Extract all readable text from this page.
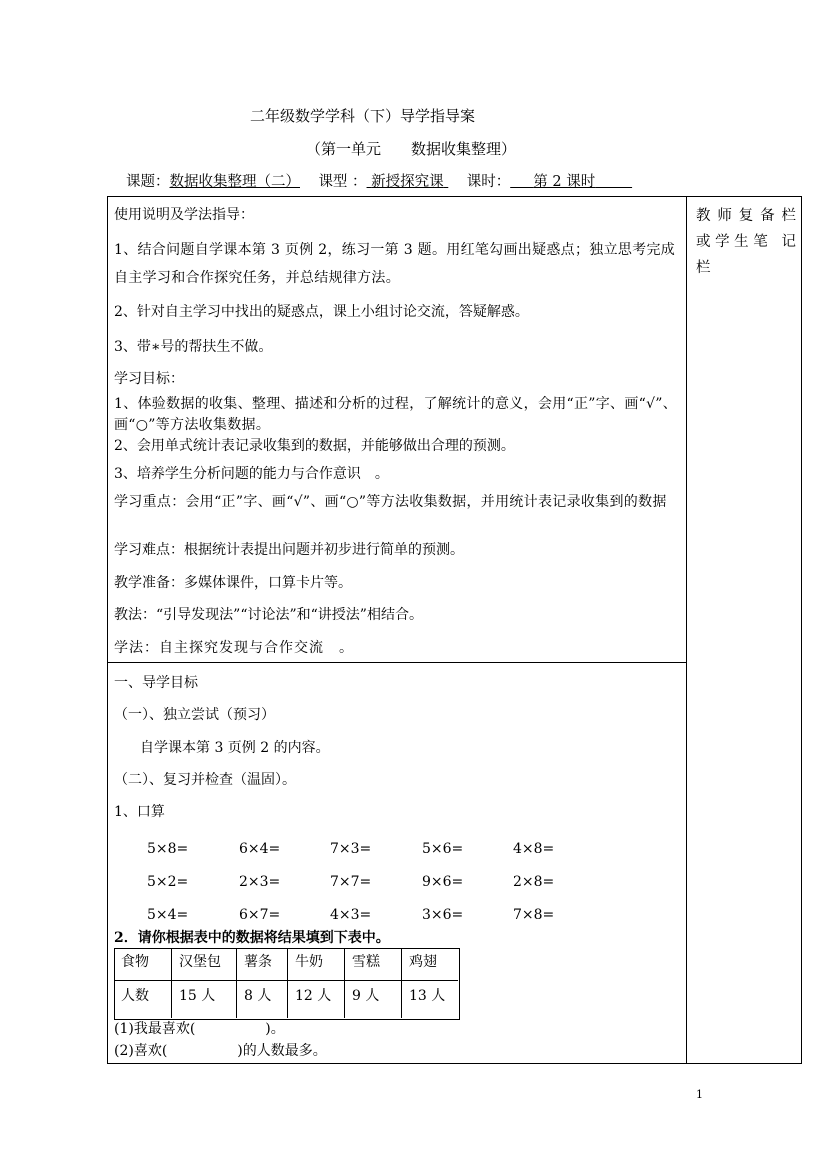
二年级数学学科（下）导学指导案
（第一单元　　数据收集整理）
课题：数据收集整理（二） 课型 ： 新授探究课 课时： 第 2 课时
教师复备栏
或学生笔 记
栏
使用说明及学法指导：
1、结合问题自学课本第 3 页例 2，练习一第 3 题。用红笔勾画出疑惑点；独立思考完成自主学习和合作探究任务，并总结规律方法。
2、针对自主学习中找出的疑惑点，课上小组讨论交流，答疑解惑。
3、带∗号的帮扶生不做。
学习目标：
1、体验数据的收集、整理、描述和分析的过程，了解统计的意义，会用“正”字、画“√”、画“○”等方法收集数据。
2、会用单式统计表记录收集到的数据，并能够做出合理的预测。
3、培养学生分析问题的能力与合作意识　。
学习重点：会用“正”字、画“√”、画“○”等方法收集数据，并用统计表记录收集到的数据
学习难点：根据统计表提出问题并初步进行简单的预测。
教学准备：多媒体课件，口算卡片等。
教法：“引导发现法”“讨论法”和“讲授法”相结合。
学法：自主探究发现与合作交流　。
一、导学目标
（一）、独立尝试（预习）
自学课本第 3 页例 2 的内容。
（二）、复习并检查（温固）。
1、口算
5×8=	6×4=	7×3=	5×6=	4×8=
5×2=	2×3=	7×7=	9×6=	2×8=
5×4=	6×7=	4×3=	3×6=	7×8=
2．请你根据表中的数据将结果填到下表中。
食物 汉堡包 薯条 牛奶 雪糕 鸡翅
人数 15 人 8 人 12 人 9 人 13 人
(1)我最喜欢(　　　　　)。
(2)喜欢(　　　　　)的人数最多。
1
